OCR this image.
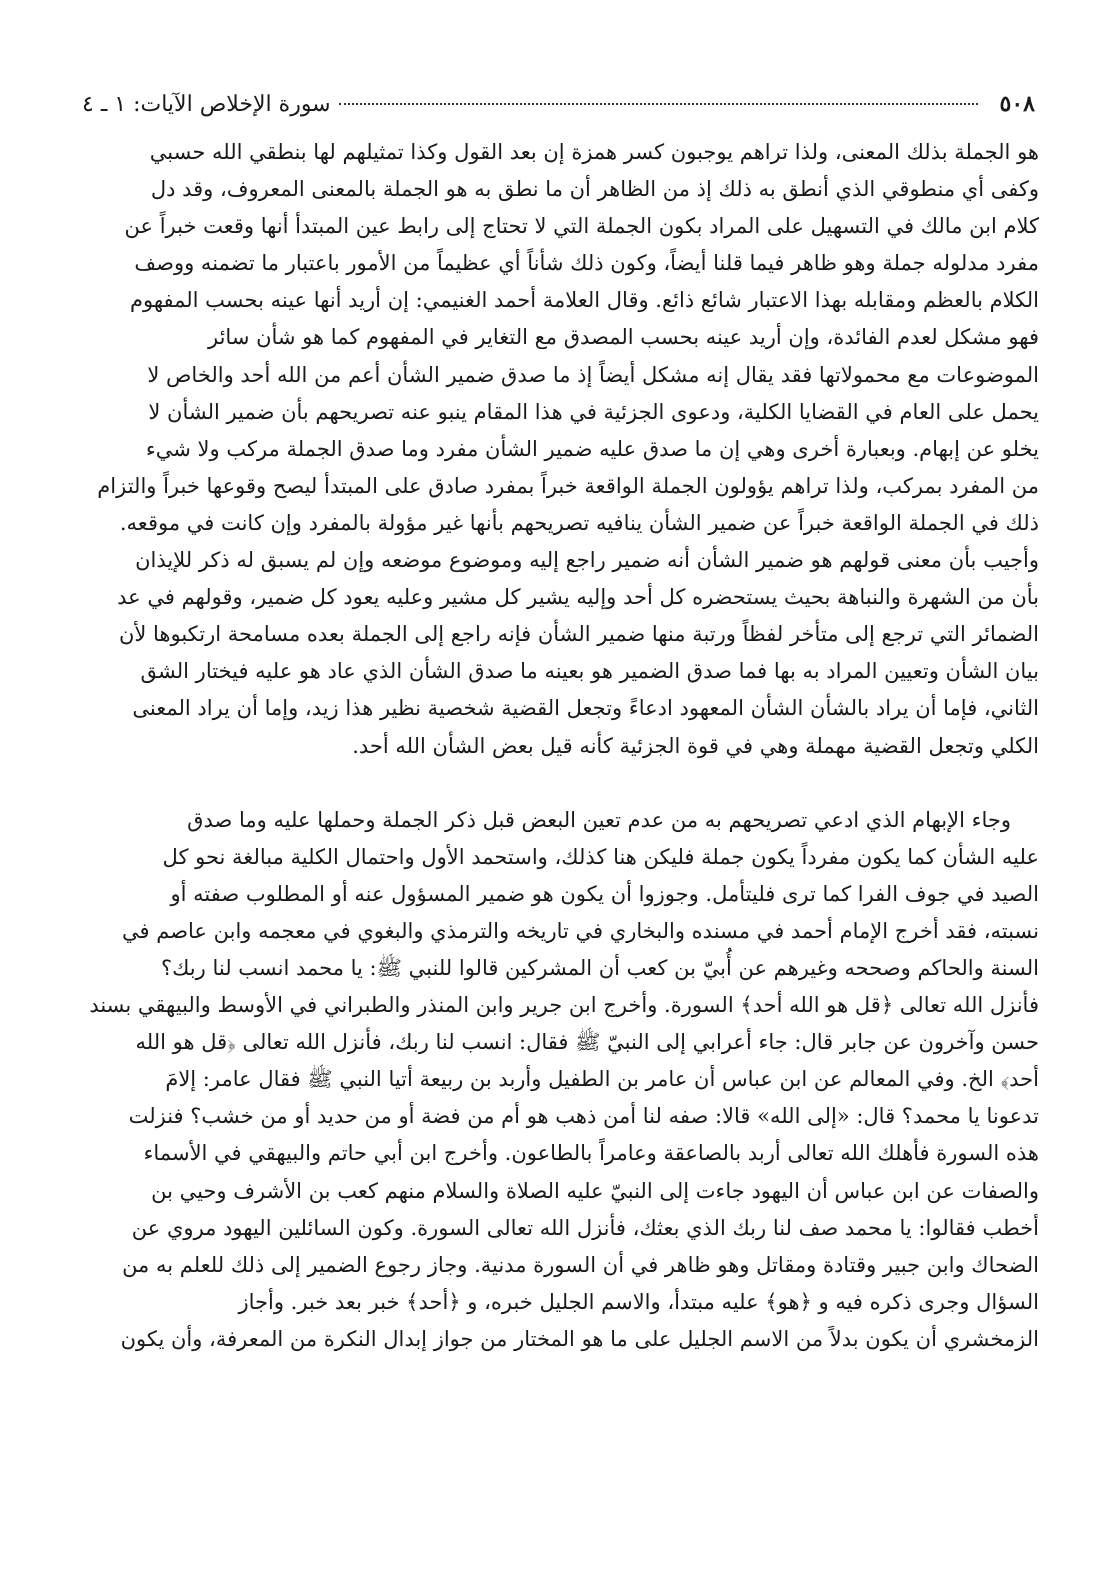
٥٠٨
سورة الإخلاص الآيات: ١ ـ ٤

هو الجملة بذلك المعنى، ولذا تراهم يوجبون كسر همزة إن بعد القول وكذا تمثيلهم لها بنطقي الله حسبي

وكفى أي منطوقي الذي أنطق به ذلك إذ من الظاهر أن ما نطق به هو الجملة بالمعنى المعروف، وقد دل

كلام ابن مالك في التسهيل على المراد بكون الجملة التي لا تحتاج إلى رابط عين المبتدأ أنها وقعت خبراً عن

مفرد مدلوله جملة وهو ظاهر فيما قلنا أيضاً، وكون ذلك شأناً أي عظيماً من الأمور باعتبار ما تضمنه ووصف

الكلام بالعظم ومقابله بهذا الاعتبار شائع ذائع. وقال العلامة أحمد الغنيمي: إن أريد أنها عينه بحسب المفهوم

فهو مشكل لعدم الفائدة، وإن أريد عينه بحسب المصدق مع التغاير في المفهوم كما هو شأن سائر

الموضوعات مع محمولاتها فقد يقال إنه مشكل أيضاً إذ ما صدق ضمير الشأن أعم من الله أحد والخاص لا

يحمل على العام في القضايا الكلية، ودعوى الجزئية في هذا المقام ينبو عنه تصريحهم بأن ضمير الشأن لا

يخلو عن إبهام. وبعبارة أخرى وهي إن ما صدق عليه ضمير الشأن مفرد وما صدق الجملة مركب ولا شيء

من المفرد بمركب، ولذا تراهم يؤولون الجملة الواقعة خبراً بمفرد صادق على المبتدأ ليصح وقوعها خبراً والتزام

ذلك في الجملة الواقعة خبراً عن ضمير الشأن ينافيه تصريحهم بأنها غير مؤولة بالمفرد وإن كانت في موقعه.

وأجيب بأن معنى قولهم هو ضمير الشأن أنه ضمير راجع إليه وموضوع موضعه وإن لم يسبق له ذكر للإيذان

بأن من الشهرة والنباهة بحيث يستحضره كل أحد وإليه يشير كل مشير وعليه يعود كل ضمير، وقولهم في عد

الضمائر التي ترجع إلى متأخر لفظاً ورتبة منها ضمير الشأن فإنه راجع إلى الجملة بعده مسامحة ارتكبوها لأن

بيان الشأن وتعيين المراد به بها فما صدق الضمير هو بعينه ما صدق الشأن الذي عاد هو عليه فيختار الشق

الثاني، فإما أن يراد بالشأن الشأن المعهود ادعاءً وتجعل القضية شخصية نظير هذا زيد، وإما أن يراد المعنى

الكلي وتجعل القضية مهملة وهي في قوة الجزئية كأنه قيل بعض الشأن الله أحد.

وجاء الإبهام الذي ادعي تصريحهم به من عدم تعين البعض قبل ذكر الجملة وحملها عليه وما صدق

عليه الشأن كما يكون مفرداً يكون جملة فليكن هنا كذلك، واستحمد الأول واحتمال الكلية مبالغة نحو كل

الصيد في جوف الفرا كما ترى فليتأمل. وجوزوا أن يكون هو ضمير المسؤول عنه أو المطلوب صفته أو

نسبته، فقد أخرج الإمام أحمد في مسنده والبخاري في تاريخه والترمذي والبغوي في معجمه وابن عاصم في

السنة والحاكم وصححه وغيرهم عن أُبيّ بن كعب أن المشركين قالوا للنبي ﷺ: يا محمد انسب لنا ربك؟

فأنزل الله تعالى ﴿قل هو الله أحد﴾ السورة. وأخرج ابن جرير وابن المنذر والطبراني في الأوسط والبيهقي بسند

حسن وآخرون عن جابر قال: جاء أعرابي إلى النبيّ ﷺ فقال: انسب لنا ربك، فأنزل الله تعالى ﴿قل هو الله

أحد﴾ الخ. وفي المعالم عن ابن عباس أن عامر بن الطفيل وأربد بن ربيعة أتيا النبي ﷺ فقال عامر: إلامَ

تدعونا يا محمد؟ قال: «إلى الله» قالا: صفه لنا أمن ذهب هو أم من فضة أو من حديد أو من خشب؟ فنزلت

هذه السورة فأهلك الله تعالى أربد بالصاعقة وعامراً بالطاعون. وأخرج ابن أبي حاتم والبيهقي في الأسماء

والصفات عن ابن عباس أن اليهود جاءت إلى النبيّ عليه الصلاة والسلام منهم كعب بن الأشرف وحيي بن

أخطب فقالوا: يا محمد صف لنا ربك الذي بعثك، فأنزل الله تعالى السورة. وكون السائلين اليهود مروي عن

الضحاك وابن جبير وقتادة ومقاتل وهو ظاهر في أن السورة مدنية. وجاز رجوع الضمير إلى ذلك للعلم به من

السؤال وجرى ذكره فيه و ﴿هو﴾ عليه مبتدأ، والاسم الجليل خبره، و ﴿أحد﴾ خبر بعد خبر. وأجاز

الزمخشري أن يكون بدلاً من الاسم الجليل على ما هو المختار من جواز إبدال النكرة من المعرفة، وأن يكون
